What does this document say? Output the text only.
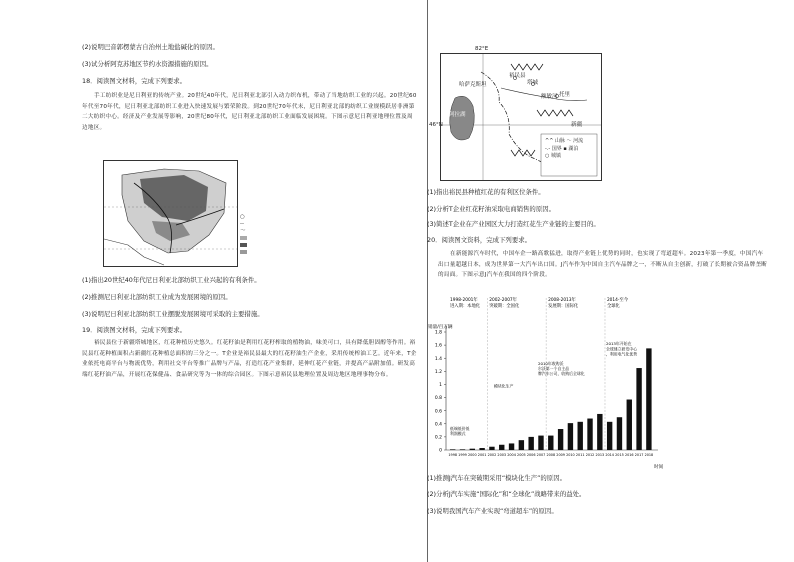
(2)说明巴音郭楞蒙古自治州土地盐碱化的原因。
(3)试分析阿克苏地区节约水资源措施的原因。
18．阅读图文材料，完成下列要求。
手工纺织业是尼日利亚的传统产业。20世纪40年代，尼日利亚北部引入动力织布机，带动了当地纺织工业的兴起。20世纪60年代至70年代，尼日利亚北部纺织工业进入快速发展与繁荣阶段。到20世纪70年代末，尼日利亚北部的纺织工业规模跃居非洲第二大纺织中心。经济及产业发展等影响，20世纪80年代，尼日利亚北部纺织工业面临发展困境。下图示意尼日利亚地理位置及周边地区。
○
--
～
(1)指出20世纪40年代尼日利亚北部纺织工业兴起的有利条件。
(2)推测尼日利亚北部纺织工业成为发展困境的原因。
(3)说明尼日利亚北部纺织工业摆脱发展困境可采取的主要措施。
19．阅读图文材料，完成下列要求。
裕民县位于新疆塔城地区，红花种植历史悠久。红花籽油是利用红花籽榨取的植物油，味美可口，具有降低胆固醇等作用。裕民县红花种植面积占新疆红花种植总面积的三分之一。T企业是裕民县最大的红花籽油生产企业，采用传统榨油工艺。近年来，T企业依托电商平台与物流优势，利用社交平台等推广品牌与产品，打造红花产业集群，延伸红花产业链，并提高产品附加值。研发高端红花籽油产品，开展红花保健品、食品研究等为一体的综合园区。下图示意裕民县地理位置及周边地区地理事物分布。
哈萨克斯坦
阿拉湖
裕民县
塔城
额敏河 托里
新疆
82°E
46°N
^^ 山脉 ～ 河流
-.- 国界 ▪ 湖泊
○ 城镇
(1)指出裕民县种植红花的有利区位条件。
(2)分析T企业红花籽油采取电商销售的原因。
(3)简述T企业在产业园区大力打造红花生产业链的主要目的。
20．阅读图文资料，完成下列要求。
在新能源汽车时代，中国车企一路高歌猛进，取得产业链上优势的同时，也实现了弯道超车。2023年第一季度，中国汽车出口量超越日本，成为世界第一大汽车出口国。J汽车作为中国自主汽车品牌之一，不断从自主创新，打破了长期被合资品牌垄断的局面。下图示意J汽车在我国的四个阶段。
销量/百万辆
时间
0
0.2
0.4
0.6
0.8
1
1.2
1.4
1.6
1.8
1998-2001年
进入期：本地化
2002-2007年
突破期：全国化
2008-2013年
发展期：国际化
2014-至今
全球化
低端低价低
利润模式
模块化生产
2010年收购沃
尔沃第一个自主品
牌汽车公司，收购后全球化
2013年开始在
全球建立研发中心
，利用电气化优势
1998 1999 2000 2001 2002 2003 2004 2005 2006 2007 2008 2009 2010 2011 2012 2013 2014 2015 2016 2017 2018
(1)推测J汽车在突破期采用“模块化生产”的原因。
(2)分析J汽车实施“国际化”和“全球化”战略带来的益处。
(3)说明我国汽车产业实现“弯道超车”的原因。
